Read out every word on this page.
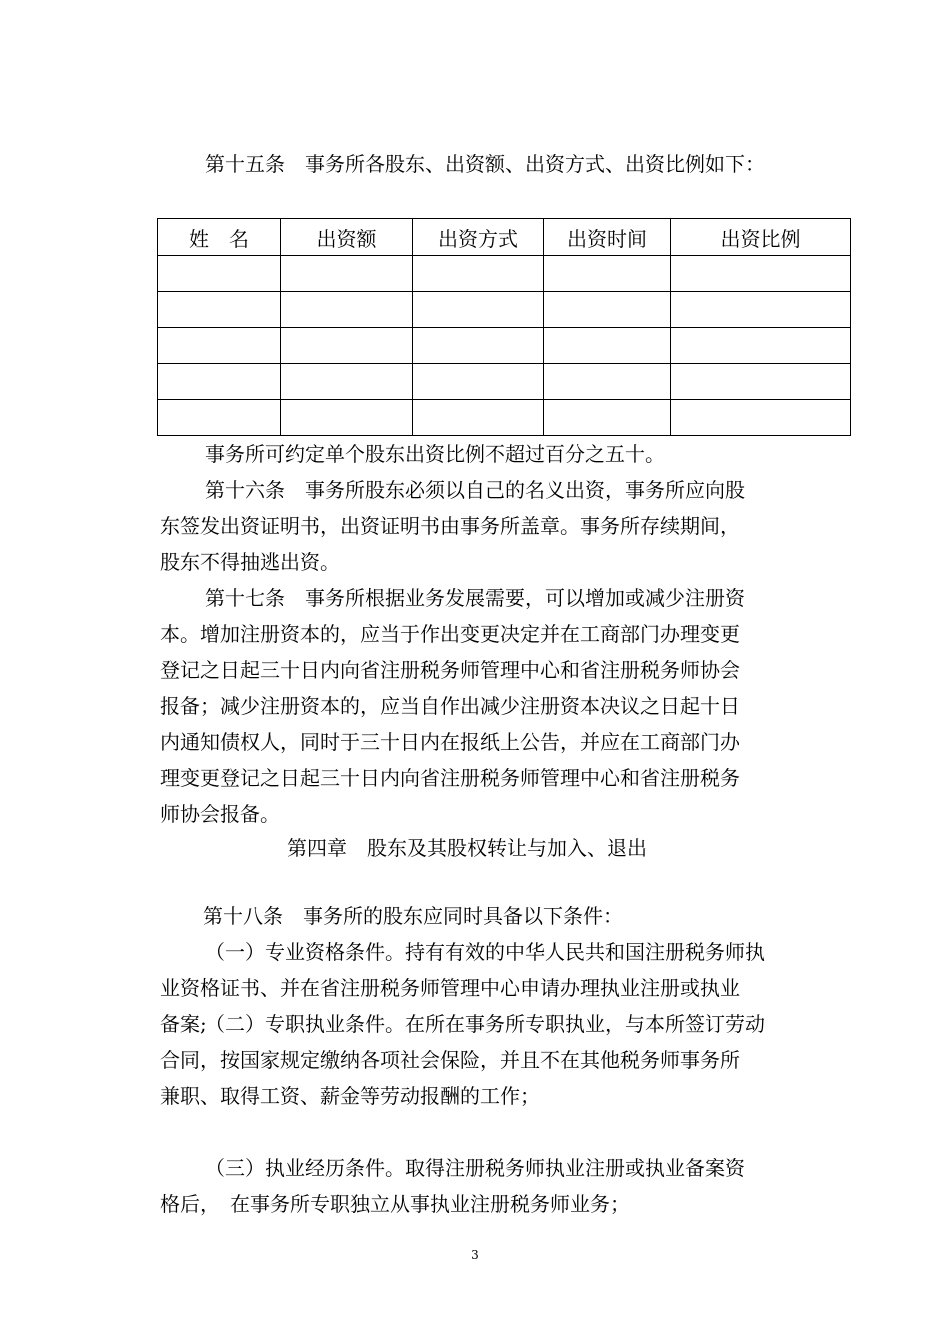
第十五条　事务所各股东、出资额、出资方式、出资比例如下：

姓　名	出资额	出资方式	出资时间	出资比例

事务所可约定单个股东出资比例不超过百分之五十。

第十六条　事务所股东必须以自己的名义出资，事务所应向股
东签发出资证明书，出资证明书由事务所盖章。事务所存续期间，
股东不得抽逃出资。
第十七条　事务所根据业务发展需要，可以增加或减少注册资
本。增加注册资本的，应当于作出变更决定并在工商部门办理变更
登记之日起三十日内向省注册税务师管理中心和省注册税务师协会
报备；减少注册资本的，应当自作出减少注册资本决议之日起十日
内通知债权人，同时于三十日内在报纸上公告，并应在工商部门办
理变更登记之日起三十日内向省注册税务师管理中心和省注册税务
师协会报备。

第四章　股东及其股权转让与加入、退出

第十八条　事务所的股东应同时具备以下条件：

（一）专业资格条件。持有有效的中华人民共和国注册税务师执
业资格证书、并在省注册税务师管理中心申请办理执业注册或执业
备案;
（二）专职执业条件。在所在事务所专职执业，与本所签订劳动
合同，按国家规定缴纳各项社会保险，并且不在其他税务师事务所
兼职、取得工资、薪金等劳动报酬的工作；
（三）执业经历条件。取得注册税务师执业注册或执业备案资
格后，　在事务所专职独立从事执业注册税务师业务；
3
